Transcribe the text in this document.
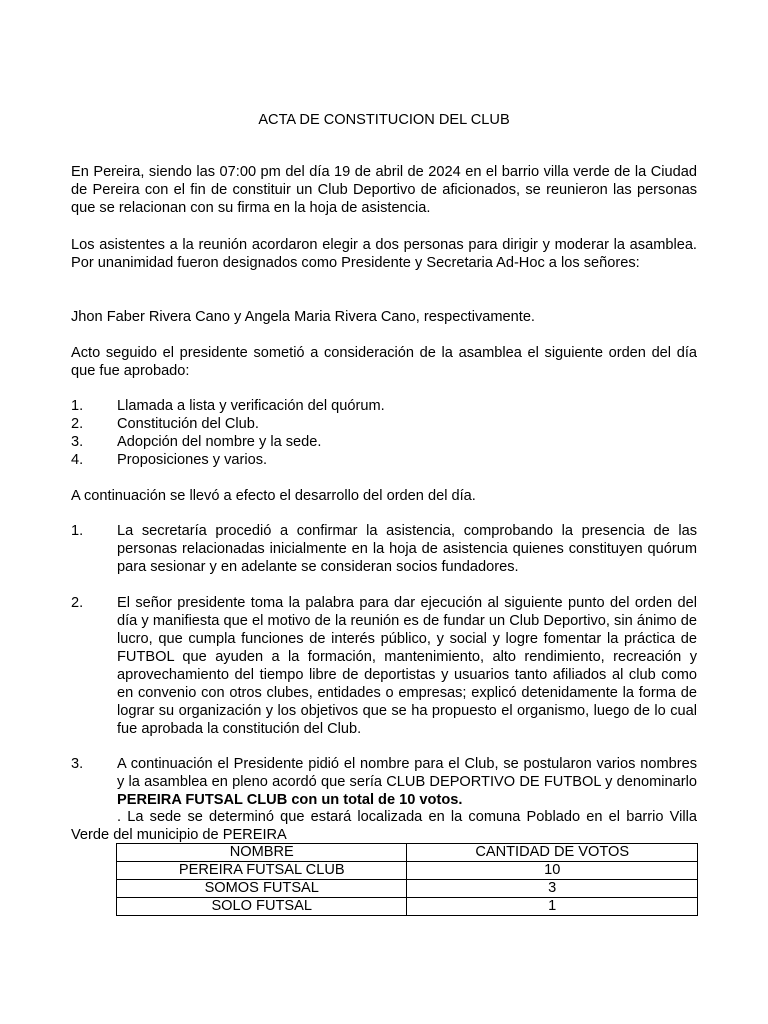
ACTA DE CONSTITUCION DEL CLUB
En Pereira, siendo las 07:00 pm del día 19 de abril de 2024 en el barrio villa verde de la Ciudad de Pereira con el fin de constituir un Club Deportivo de aficionados, se reunieron las personas que se relacionan con su firma en la hoja de asistencia.
Los asistentes a la reunión acordaron elegir a dos personas para dirigir y moderar la asamblea. Por unanimidad fueron designados como Presidente y Secretaria Ad-Hoc a los señores:
Jhon Faber Rivera Cano y Angela Maria Rivera Cano, respectivamente.
Acto seguido el presidente sometió a consideración de la asamblea el siguiente orden del día que fue aprobado:
1. Llamada a lista y verificación del quórum.
2. Constitución del Club.
3. Adopción del nombre y la sede.
4. Proposiciones y varios.
A continuación se llevó a efecto el desarrollo del orden del día.
1. La secretaría procedió a confirmar la asistencia, comprobando la presencia de las personas relacionadas inicialmente en la hoja de asistencia quienes constituyen quórum para sesionar y en adelante se consideran socios fundadores.
2. El señor presidente toma la palabra para dar ejecución al siguiente punto del orden del día y manifiesta que el motivo de la reunión es de fundar un Club Deportivo, sin ánimo de lucro, que cumpla funciones de interés público, y social y logre fomentar la práctica de FUTBOL que ayuden a la formación, mantenimiento, alto rendimiento, recreación y aprovechamiento del tiempo libre de deportistas y usuarios tanto afiliados al club como en convenio con otros clubes, entidades o empresas; explicó detenidamente la forma de lograr su organización y los objetivos que se ha propuesto el organismo, luego de lo cual fue aprobada la constitución del Club.
3. A continuación el Presidente pidió el nombre para el Club, se postularon varios nombres y la asamblea en pleno acordó que sería CLUB DEPORTIVO DE FUTBOL y denominarlo PEREIRA FUTSAL CLUB con un total de 10 votos.
. La sede se determinó que estará localizada en la comuna Poblado en el barrio Villa Verde del municipio de PEREIRA
NOMBRE	CANTIDAD DE VOTOS
PEREIRA FUTSAL CLUB	10
SOMOS FUTSAL	3
SOLO FUTSAL	1
